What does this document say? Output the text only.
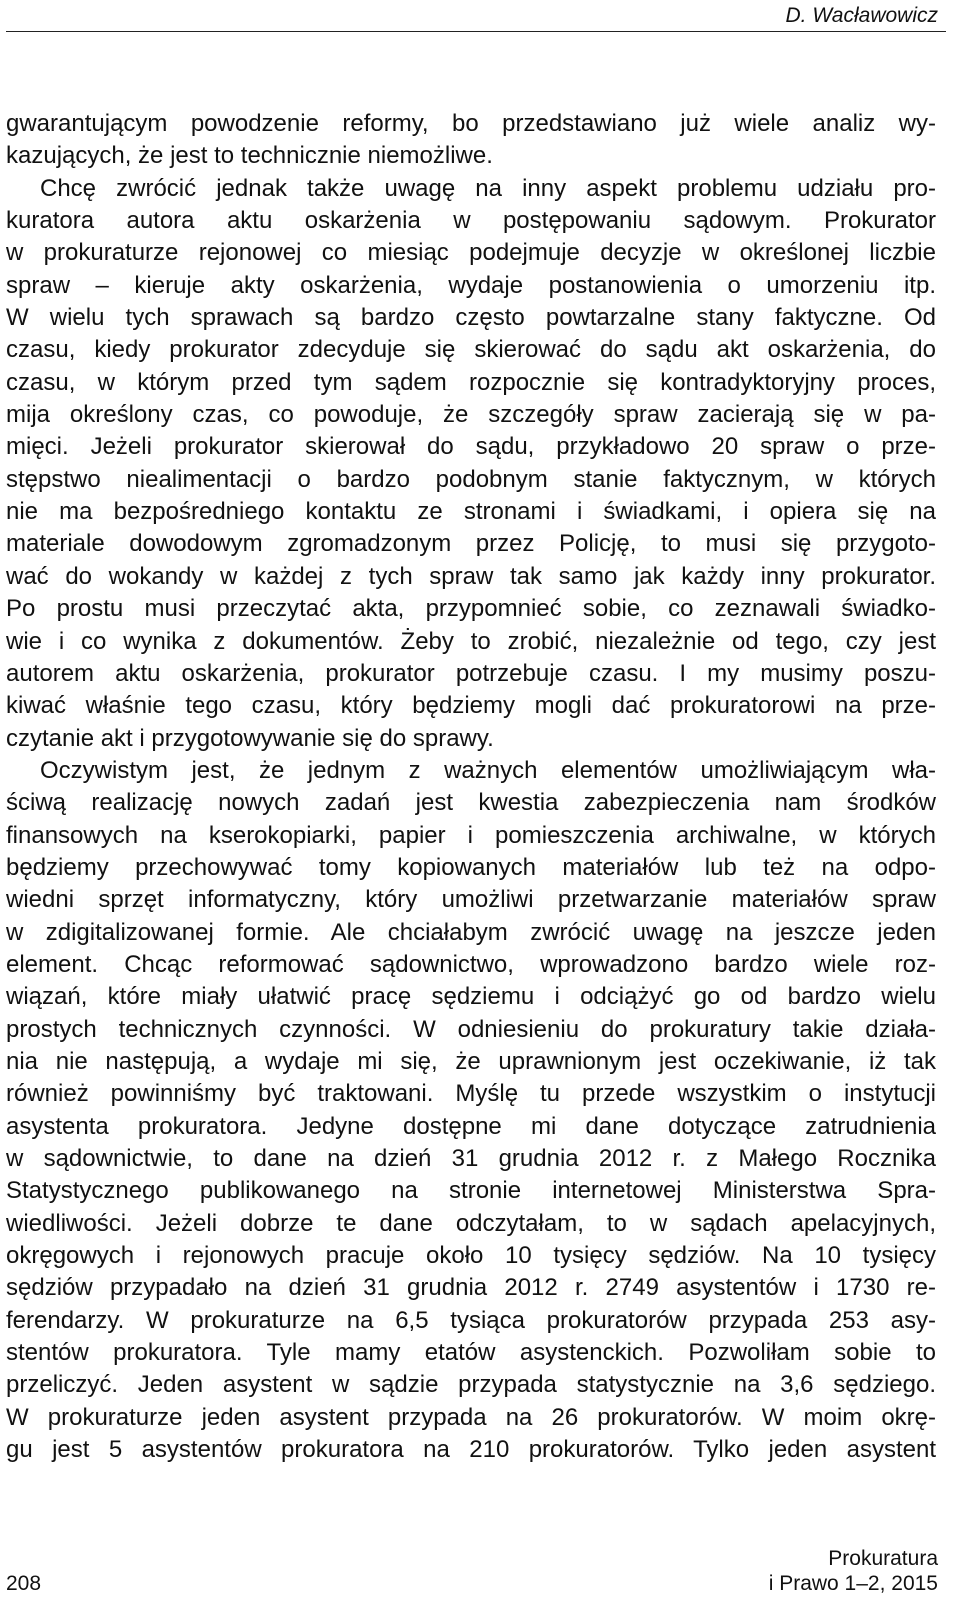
D. Wacławowicz
gwarantującym powodzenie reformy, bo przedstawiano już wiele analiz wy-
kazujących, że jest to technicznie niemożliwe.
Chcę zwrócić jednak także uwagę na inny aspekt problemu udziału pro-
kuratora autora aktu oskarżenia w postępowaniu sądowym. Prokurator
w prokuraturze rejonowej co miesiąc podejmuje decyzje w określonej liczbie
spraw – kieruje akty oskarżenia, wydaje postanowienia o umorzeniu itp.
W wielu tych sprawach są bardzo często powtarzalne stany faktyczne. Od
czasu, kiedy prokurator zdecyduje się skierować do sądu akt oskarżenia, do
czasu, w którym przed tym sądem rozpocznie się kontradyktoryjny proces,
mija określony czas, co powoduje, że szczegóły spraw zacierają się w pa-
mięci. Jeżeli prokurator skierował do sądu, przykładowo 20 spraw o prze-
stępstwo niealimentacji o bardzo podobnym stanie faktycznym, w których
nie ma bezpośredniego kontaktu ze stronami i świadkami, i opiera się na
materiale dowodowym zgromadzonym przez Policję, to musi się przygoto-
wać do wokandy w każdej z tych spraw tak samo jak każdy inny prokurator.
Po prostu musi przeczytać akta, przypomnieć sobie, co zeznawali świadko-
wie i co wynika z dokumentów. Żeby to zrobić, niezależnie od tego, czy jest
autorem aktu oskarżenia, prokurator potrzebuje czasu. I my musimy poszu-
kiwać właśnie tego czasu, który będziemy mogli dać prokuratorowi na prze-
czytanie akt i przygotowywanie się do sprawy.
Oczywistym jest, że jednym z ważnych elementów umożliwiającym wła-
ściwą realizację nowych zadań jest kwestia zabezpieczenia nam środków
finansowych na kserokopiarki, papier i pomieszczenia archiwalne, w których
będziemy przechowywać tomy kopiowanych materiałów lub też na odpo-
wiedni sprzęt informatyczny, który umożliwi przetwarzanie materiałów spraw
w zdigitalizowanej formie. Ale chciałabym zwrócić uwagę na jeszcze jeden
element. Chcąc reformować sądownictwo, wprowadzono bardzo wiele roz-
wiązań, które miały ułatwić pracę sędziemu i odciążyć go od bardzo wielu
prostych technicznych czynności. W odniesieniu do prokuratury takie działa-
nia nie następują, a wydaje mi się, że uprawnionym jest oczekiwanie, iż tak
również powinniśmy być traktowani. Myślę tu przede wszystkim o instytucji
asystenta prokuratora. Jedyne dostępne mi dane dotyczące zatrudnienia
w sądownictwie, to dane na dzień 31 grudnia 2012 r. z Małego Rocznika
Statystycznego publikowanego na stronie internetowej Ministerstwa Spra-
wiedliwości. Jeżeli dobrze te dane odczytałam, to w sądach apelacyjnych,
okręgowych i rejonowych pracuje około 10 tysięcy sędziów. Na 10 tysięcy
sędziów przypadało na dzień 31 grudnia 2012 r. 2749 asystentów i 1730 re-
ferendarzy. W prokuraturze na 6,5 tysiąca prokuratorów przypada 253 asy-
stentów prokuratora. Tyle mamy etatów asystenckich. Pozwoliłam sobie to
przeliczyć. Jeden asystent w sądzie przypada statystycznie na 3,6 sędziego.
W prokuraturze jeden asystent przypada na 26 prokuratorów. W moim okrę-
gu jest 5 asystentów prokuratora na 210 prokuratorów. Tylko jeden asystent
208
Prokuratura
i Prawo 1–2, 2015
